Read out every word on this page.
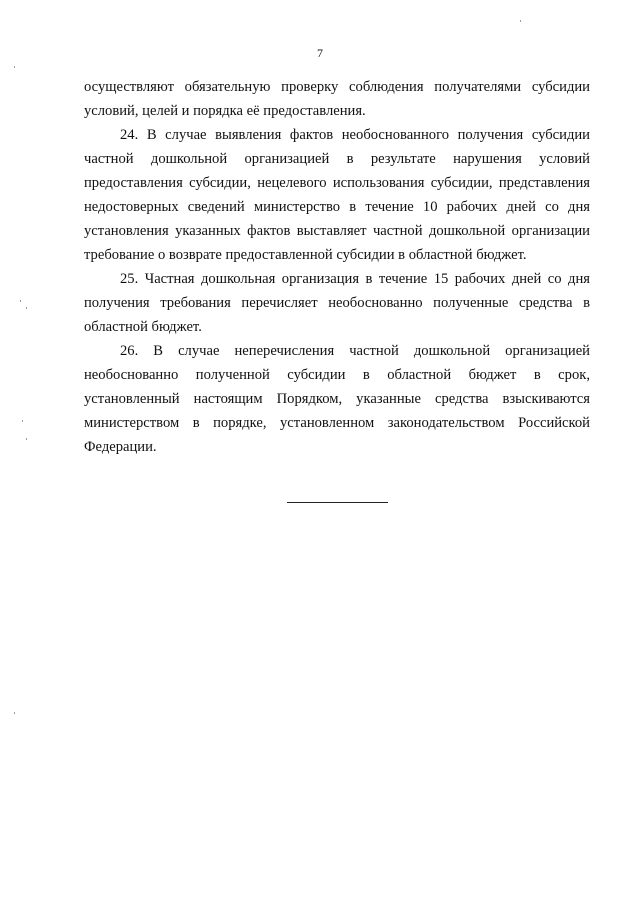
7

осуществляют обязательную проверку соблюдения получателями субсидии условий, целей и порядка её предоставления.

24. В случае выявления фактов необоснованного получения субсидии частной дошкольной организацией в результате нарушения условий предоставления субсидии, нецелевого использования субсидии, представления недостоверных сведений министерство в течение 10 рабочих дней со дня установления указанных фактов выставляет частной дошкольной организации требование о возврате предоставленной субсидии в областной бюджет.

25. Частная дошкольная организация в течение 15 рабочих дней со дня получения требования перечисляет необоснованно полученные средства в областной бюджет.

26. В случае неперечисления частной дошкольной организацией необоснованно полученной субсидии в областной бюджет в срок, установленный настоящим Порядком, указанные средства взыскиваются министерством в порядке, установленном законодательством Российской Федерации.
